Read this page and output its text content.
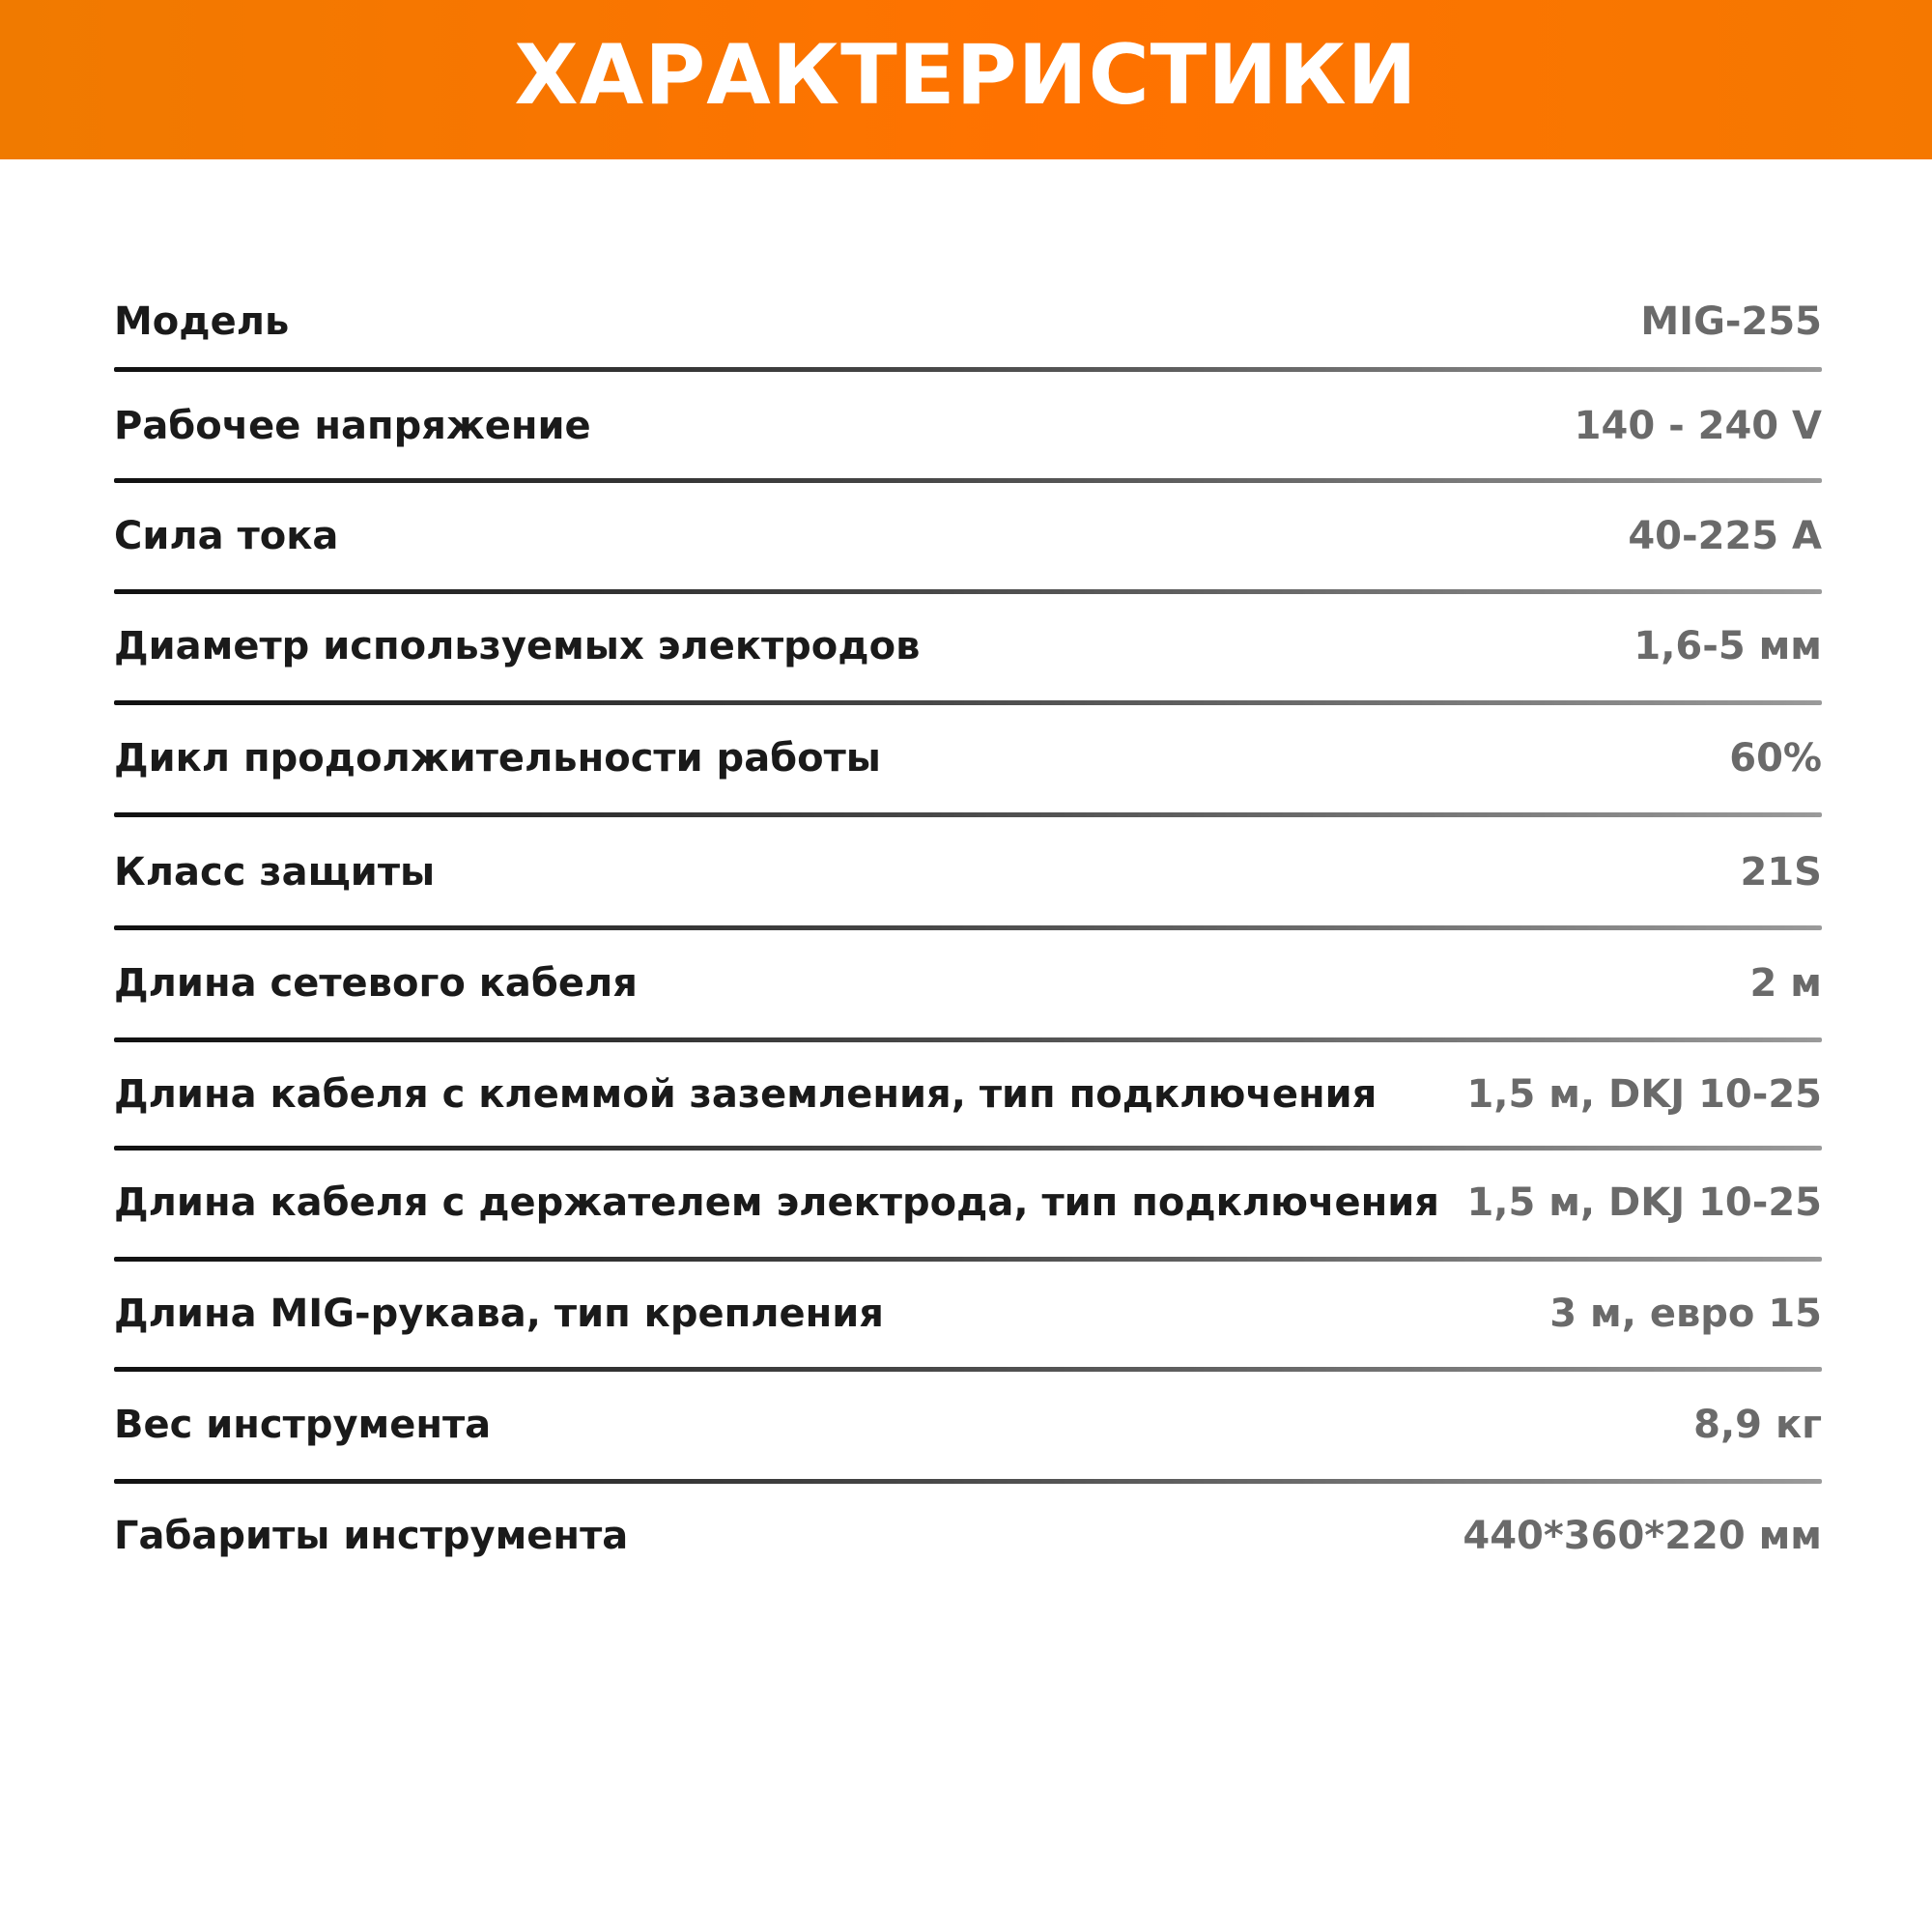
ХАРАКТЕРИСТИКИ
Модель	MIG-255
Рабочее напряжение	140 - 240 V
Сила тока	40-225 А
Диаметр используемых электродов	1,6-5 мм
Дикл продолжительности работы	60%
Класс защиты	21S
Длина сетевого кабеля	2 м
Длина кабеля с клеммой заземления, тип подключения 1,5 м, DKJ 10-25
Длина кабеля с держателем электрода, тип подключения 1,5 м, DKJ 10-25
Длина MIG-рукава, тип крепления	3 м, евро 15
Вес инструмента	8,9 кг
Габариты инструмента	440*360*220 мм
